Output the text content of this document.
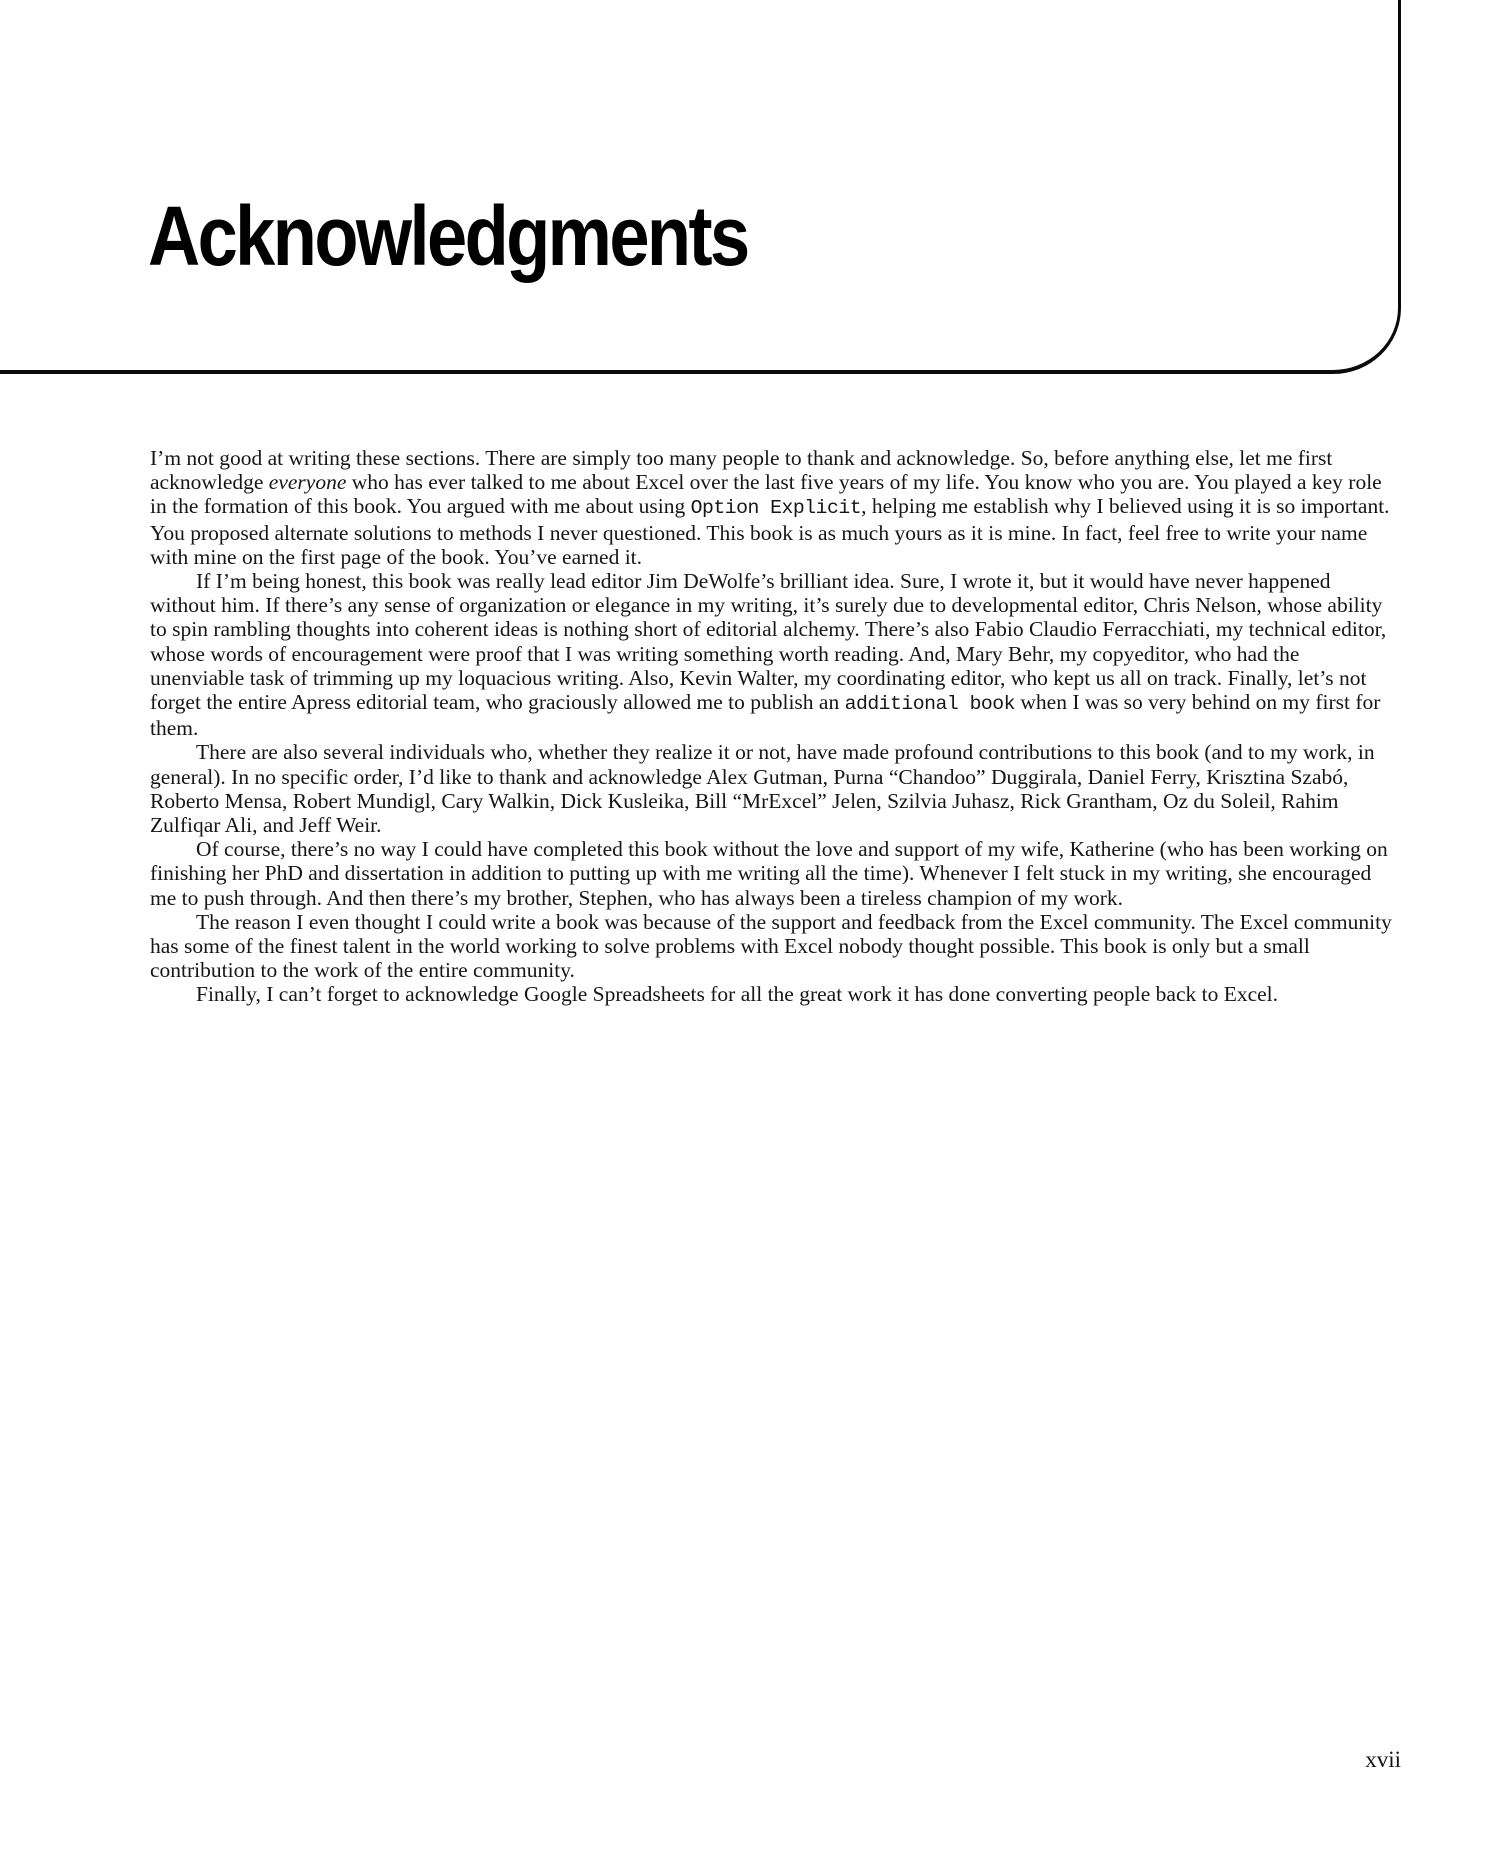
Acknowledgments

I’m not good at writing these sections. There are simply too many people to thank and acknowledge. So, before anything else, let me first acknowledge everyone who has ever talked to me about Excel over the last five years of my life. You know who you are. You played a key role in the formation of this book. You argued with me about using Option Explicit, helping me establish why I believed using it is so important. You proposed alternate solutions to methods I never questioned. This book is as much yours as it is mine. In fact, feel free to write your name with mine on the first page of the book. You’ve earned it.

If I’m being honest, this book was really lead editor Jim DeWolfe’s brilliant idea. Sure, I wrote it, but it would have never happened without him. If there’s any sense of organization or elegance in my writing, it’s surely due to developmental editor, Chris Nelson, whose ability to spin rambling thoughts into coherent ideas is nothing short of editorial alchemy. There’s also Fabio Claudio Ferracchiati, my technical editor, whose words of encouragement were proof that I was writing something worth reading. And, Mary Behr, my copyeditor, who had the unenviable task of trimming up my loquacious writing. Also, Kevin Walter, my coordinating editor, who kept us all on track. Finally, let’s not forget the entire Apress editorial team, who graciously allowed me to publish an additional book when I was so very behind on my first for them.

There are also several individuals who, whether they realize it or not, have made profound contributions to this book (and to my work, in general). In no specific order, I’d like to thank and acknowledge Alex Gutman, Purna “Chandoo” Duggirala, Daniel Ferry, Krisztina Szabó, Roberto Mensa, Robert Mundigl, Cary Walkin, Dick Kusleika, Bill “MrExcel” Jelen, Szilvia Juhasz, Rick Grantham, Oz du Soleil, Rahim Zulfiqar Ali, and Jeff Weir.

Of course, there’s no way I could have completed this book without the love and support of my wife, Katherine (who has been working on finishing her PhD and dissertation in addition to putting up with me writing all the time). Whenever I felt stuck in my writing, she encouraged me to push through. And then there’s my brother, Stephen, who has always been a tireless champion of my work.

The reason I even thought I could write a book was because of the support and feedback from the Excel community. The Excel community has some of the finest talent in the world working to solve problems with Excel nobody thought possible. This book is only but a small contribution to the work of the entire community.

Finally, I can’t forget to acknowledge Google Spreadsheets for all the great work it has done converting people back to Excel.

xvii
